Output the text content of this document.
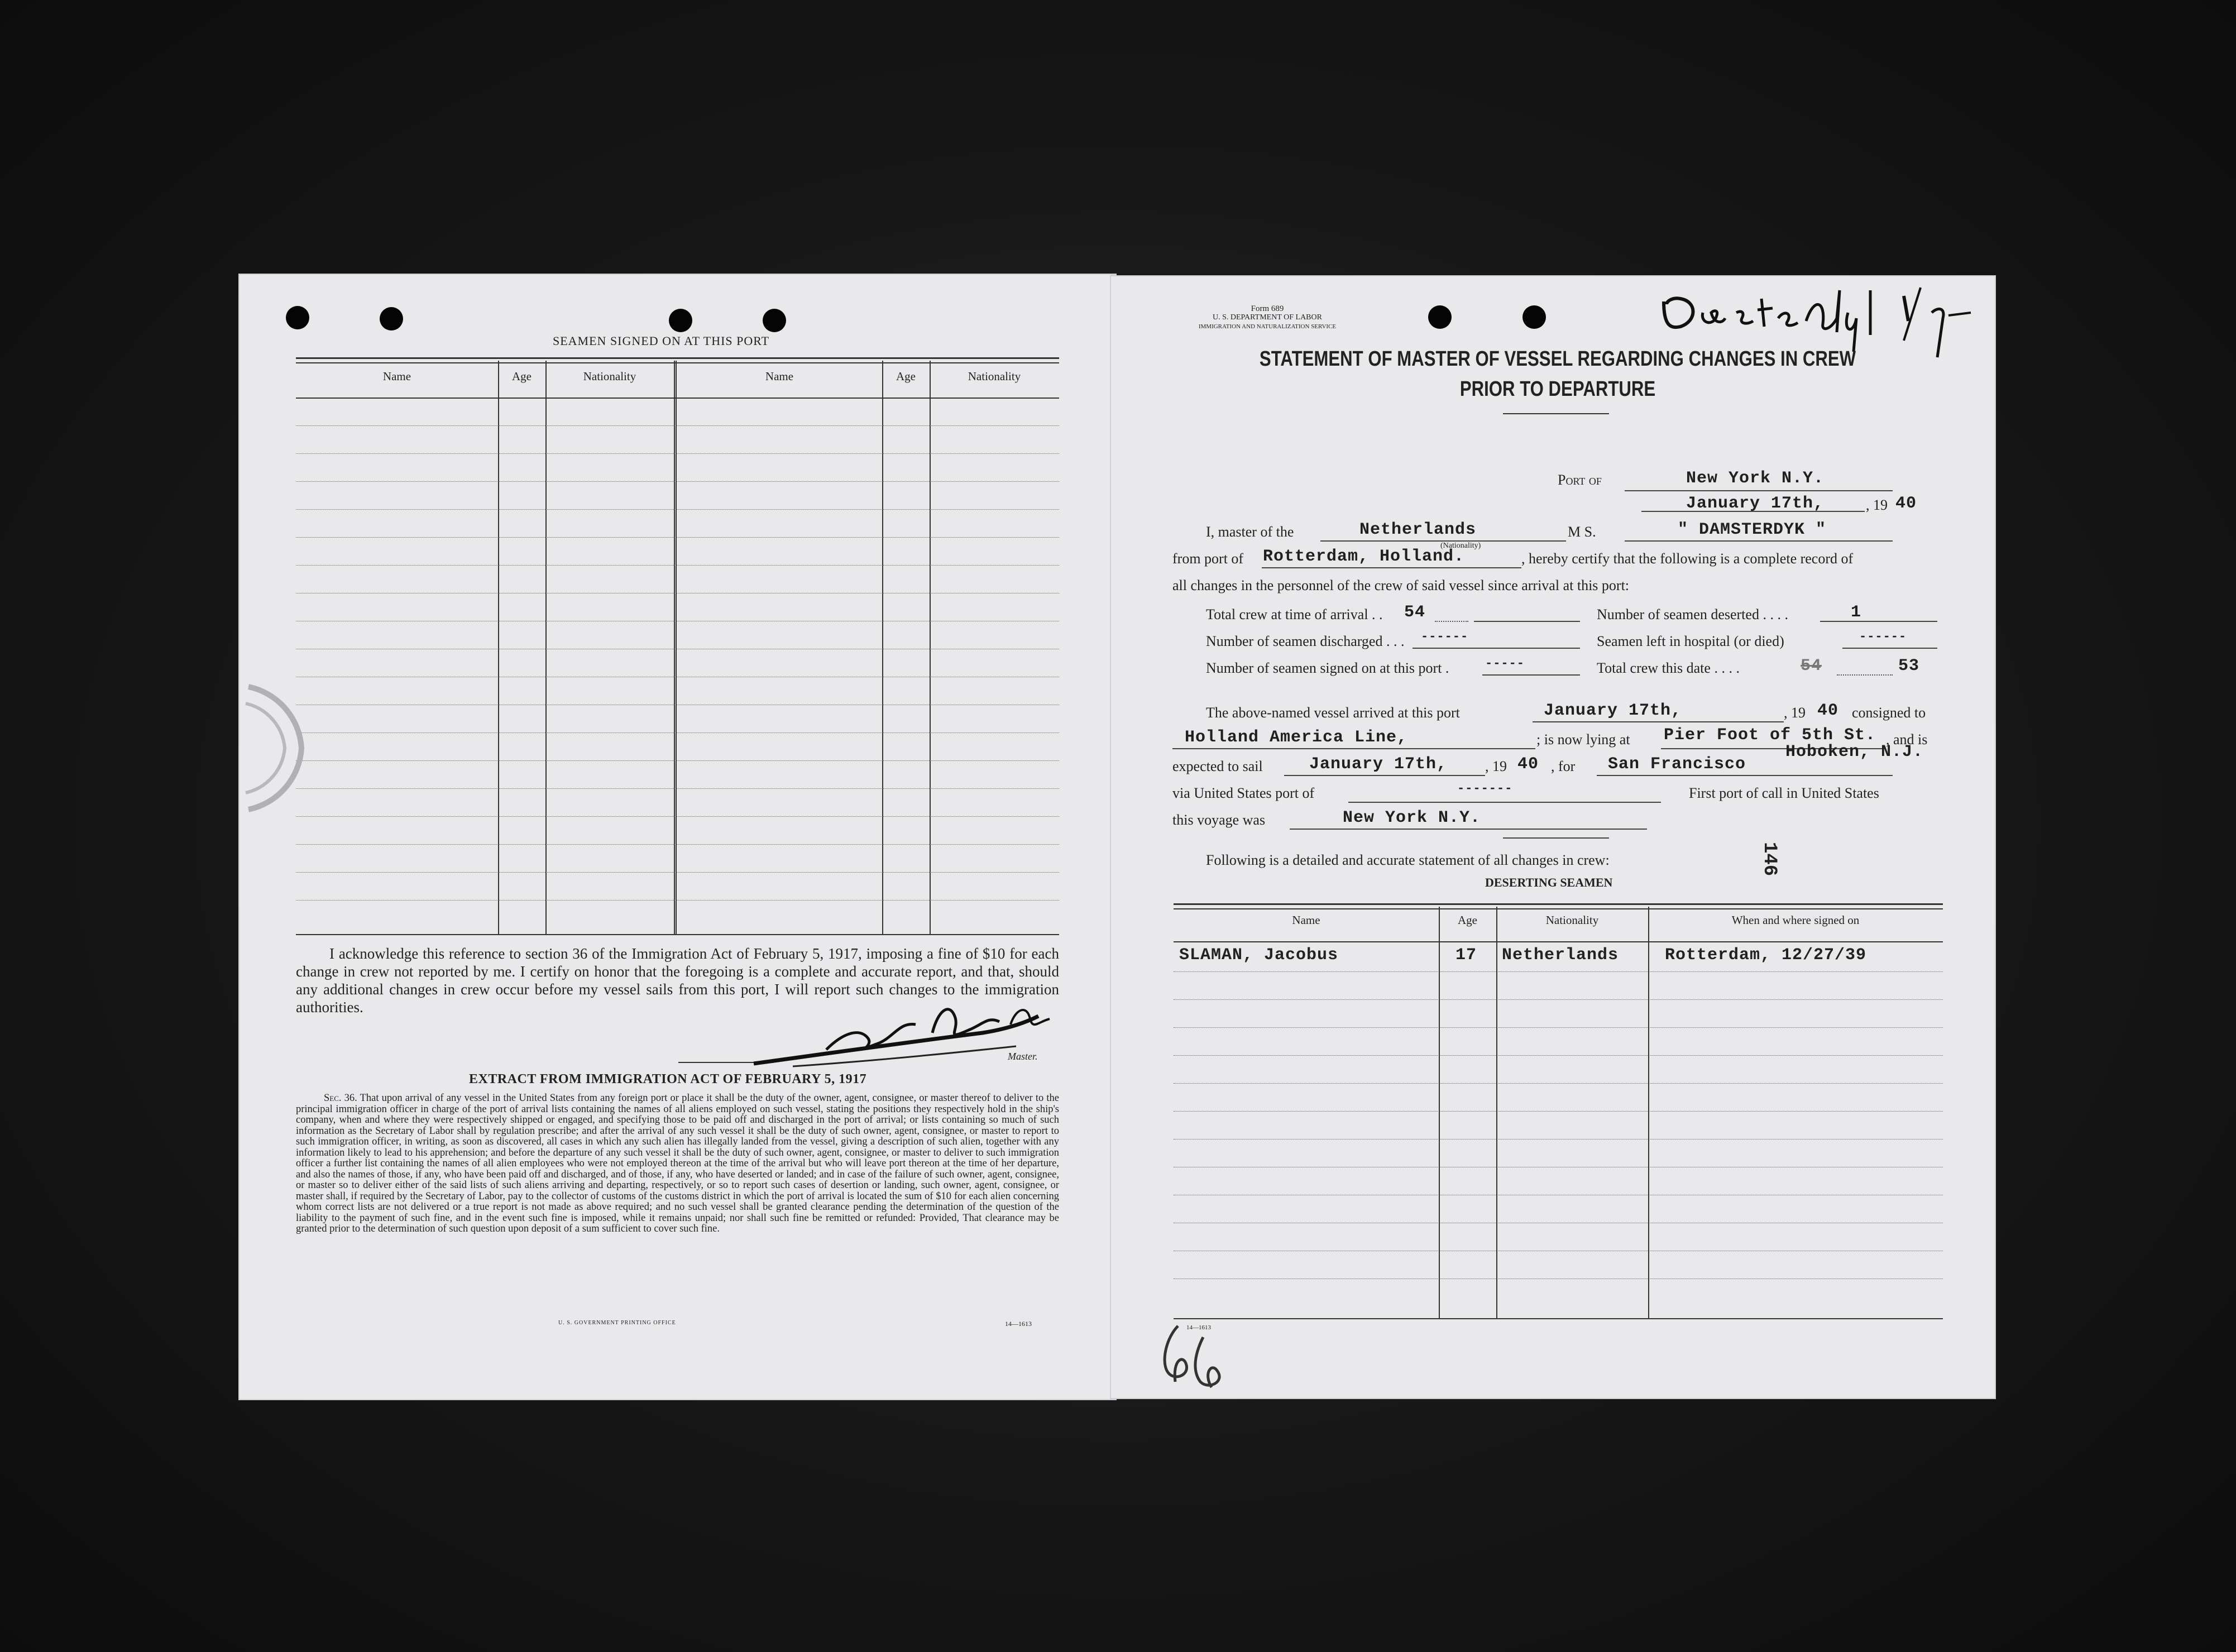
SEAMEN SIGNED ON AT THIS PORT
Name	Age	Nationality	Name	Age	Nationality
I acknowledge this reference to section 36 of the Immigration Act of February 5, 1917, imposing a fine of $10 for each change in crew not reported by me. I certify on honor that the foregoing is a complete and accurate report, and that, should any additional changes in crew occur before my vessel sails from this port, I will report such changes to the immigration authorities.
Master.
EXTRACT FROM IMMIGRATION ACT OF FEBRUARY 5, 1917
Sec. 36. That upon arrival of any vessel in the United States from any foreign port or place it shall be the duty of the owner, agent, consignee, or master thereof to deliver to the principal immigration officer in charge of the port of arrival lists containing the names of all aliens employed on such vessel, stating the positions they respectively hold in the ship's company, when and where they were respectively shipped or engaged, and specifying those to be paid off and discharged in the port of arrival; or lists containing so much of such information as the Secretary of Labor shall by regulation prescribe; and after the arrival of any such vessel it shall be the duty of such owner, agent, consignee, or master to report to such immigration officer, in writing, as soon as discovered, all cases in which any such alien has illegally landed from the vessel, giving a description of such alien, together with any information likely to lead to his apprehension; and before the departure of any such vessel it shall be the duty of such owner, agent, consignee, or master to deliver to such immigration officer a further list containing the names of all alien employees who were not employed thereon at the time of the arrival but who will leave port thereon at the time of her departure, and also the names of those, if any, who have been paid off and discharged, and of those, if any, who have deserted or landed; and in case of the failure of such owner, agent, consignee, or master so to deliver either of the said lists of such aliens arriving and departing, respectively, or so to report such cases of desertion or landing, such owner, agent, consignee, or master shall, if required by the Secretary of Labor, pay to the collector of customs of the customs district in which the port of arrival is located the sum of $10 for each alien concerning whom correct lists are not delivered or a true report is not made as above required; and no such vessel shall be granted clearance pending the determination of the question of the liability to the payment of such fine, and in the event such fine is imposed, while it remains unpaid; nor shall such fine be remitted or refunded: Provided, That clearance may be granted prior to the determination of such question upon deposit of a sum sufficient to cover such fine.
U. S. GOVERNMENT PRINTING OFFICE	14—1613
Form 689
U. S. DEPARTMENT OF LABOR
IMMIGRATION AND NATURALIZATION SERVICE
STATEMENT OF MASTER OF VESSEL REGARDING CHANGES IN CREW
PRIOR TO DEPARTURE
Port of	New York N.Y.
January 17th,	, 19 40
I, master of the	Netherlands
(Nationality)
M S.	" DAMSTERDYK "
from port of Rotterdam, Holland.	, hereby certify that the following is a complete record of
all changes in the personnel of the crew of said vessel since arrival at this port:
Total crew at time of arrival . . 54	Number of seamen deserted . . . .	1
Number of seamen discharged . . . ------	Seamen left in hospital (or died)	------
Number of seamen signed on at this port .	-----	Total crew this date . . . .	54	53
The above-named vessel arrived at this port	January 17th,	, 19 40 consigned to
Holland America Line,	; is now lying at Pier Foot of 5th St. , and is
Hoboken, N.J.
expected to sail	January 17th,	, 19 40 , for San Francisco
via United States port of	-------	First port of call in United States
this voyage was	New York N.Y.
Following is a detailed and accurate statement of all changes in crew:	146
DESERTING SEAMEN
Name	Age	Nationality	When and where signed on
SLAMAN, Jacobus	17 Netherlands	Rotterdam, 12/27/39
14—1613
